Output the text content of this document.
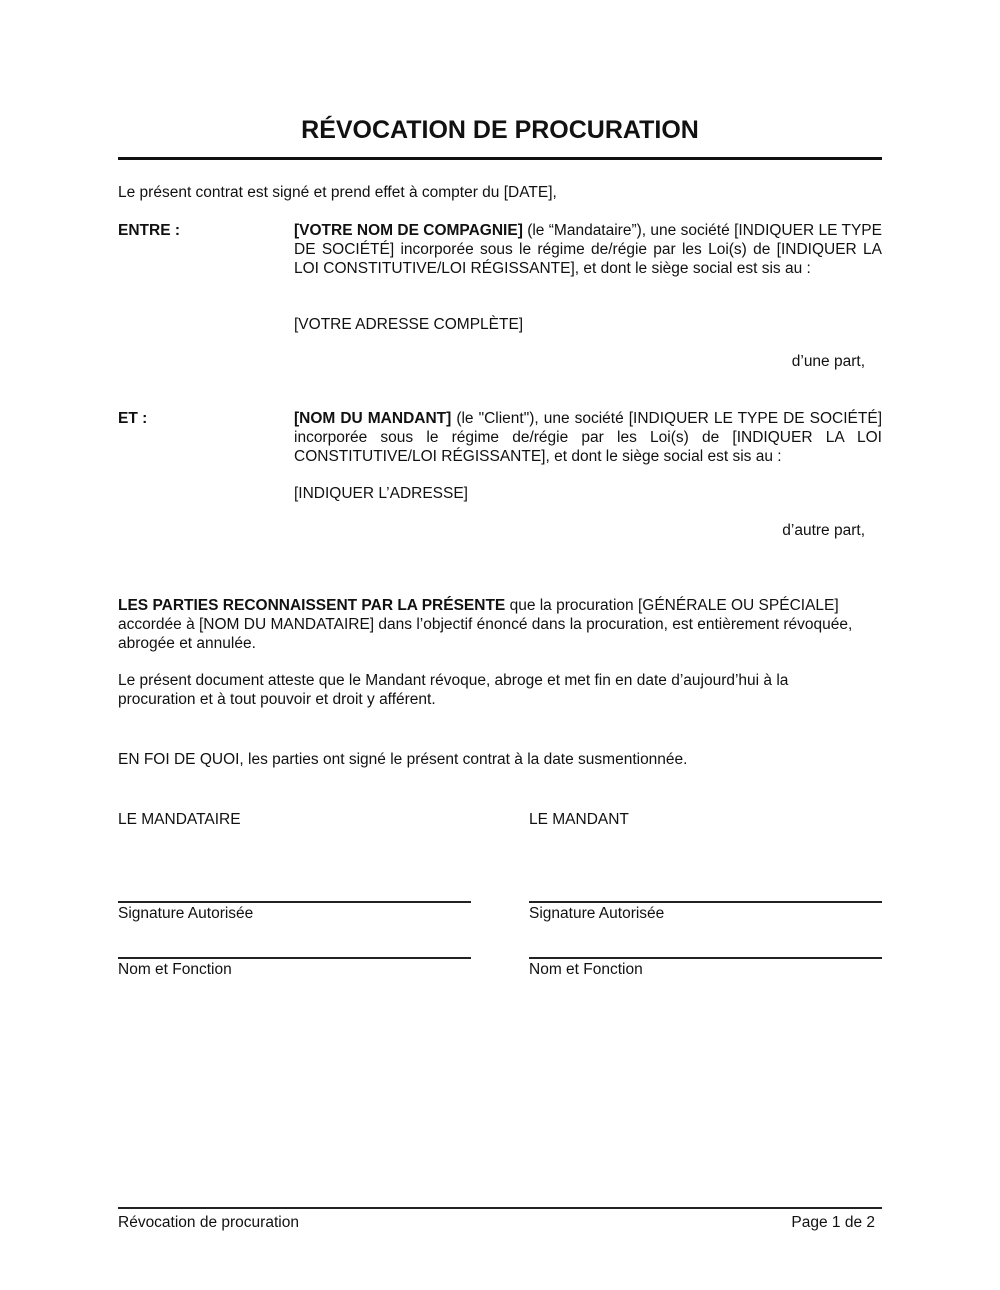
RÉVOCATION DE PROCURATION
Le présent contrat est signé et prend effet à compter du [DATE],
ENTRE :	[VOTRE NOM DE COMPAGNIE] (le “Mandataire”), une société [INDIQUER LE TYPE DE SOCIÉTÉ] incorporée sous le régime de/régie par les Loi(s) de [INDIQUER LA LOI CONSTITUTIVE/LOI RÉGISSANTE], et dont le siège social est sis au :
[VOTRE ADRESSE COMPLÈTE]
d’une part,
ET :	[NOM DU MANDANT] (le "Client"), une société [INDIQUER LE TYPE DE SOCIÉTÉ] incorporée sous le régime de/régie par les Loi(s) de [INDIQUER LA LOI CONSTITUTIVE/LOI RÉGISSANTE], et dont le siège social est sis au :
[INDIQUER L’ADRESSE]
d’autre part,
LES PARTIES RECONNAISSENT PAR LA PRÉSENTE que la procuration [GÉNÉRALE OU SPÉCIALE] accordée à [NOM DU MANDATAIRE] dans l’objectif énoncé dans la procuration, est entièrement révoquée, abrogée et annulée.
Le présent document atteste que le Mandant révoque, abroge et met fin en date d’aujourd’hui à la procuration et à tout pouvoir et droit y afférent.
EN FOI DE QUOI, les parties ont signé le présent contrat à la date susmentionnée.
LE MANDATAIRE
Signature Autorisée
Nom et Fonction
LE MANDANT
Signature Autorisée
Nom et Fonction
Révocation de procuration	Page 1 de 2
